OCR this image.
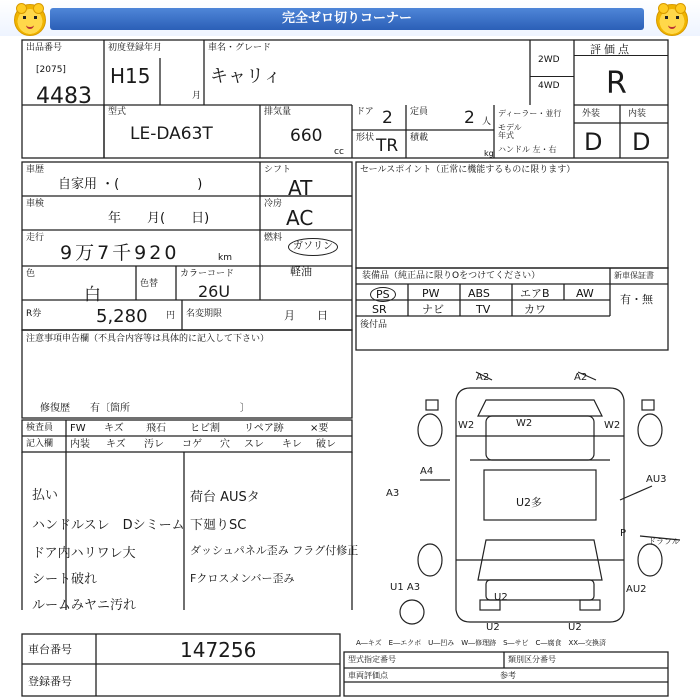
完全ゼロ切りコーナー
出品番号
[2075]
4483
初度登録年月
H15
月
車名・グレード
キャリィ
2WD
4WD
評価点
R
外装	内装
D D
型式
LE-DA63T
排気量
660
cc
ドア 2
形状 TR
定員 2 人
積載
kg
ディーラー・並行
モデル
年式
ハンドル 左・右
車歴
自家用 ・(　　　　　　)
車検
年　　月(　　日)
走行
9万7千920	km
色
白
色替
カラーコード
26U
R券	5,280 円 名変期限	月　　日
シフト
AT
冷房
AC
燃料
ガソリン
軽油
セールスポイント（正常に機能するものに限ります）
装備品（純正品に限りOをつけてください）	新車保証書
有・無
PS	PW	ABS	エアB AW
SR	ナビ	TV	カワ
後付品
注意事項申告欄（不具合内容等は具体的に記入して下さい）
修復歴　　有〔箇所　　　　　　　　　　　〕
検査員
記入欄
FW キズ 飛石 ヒビ割 リペア跡	×要
内装 キズ 汚レ コゲ 穴 スレ キレ 破レ
払い
ハンドルスレ　Dシミーム
ドア内ハリワレ大
シート破れ
ルームみヤニ汚れ
荷台 AUSタ
下廻りSC
ダッシュパネル歪み フラグ付修正
Fクロスメンバー歪み
A2	A2
W2	W2	W2
A4
A3
U2多
AU3
P
ドラフル
U1 A3
U2
AU2
U2	U2
A―キズ　E―エクボ　U―凹み　W―修理跡　S―サビ　C―腐食　XX―交換済
車台番号	147256
登録番号
型式指定番号	類別区分番号
車両評価点	参考
